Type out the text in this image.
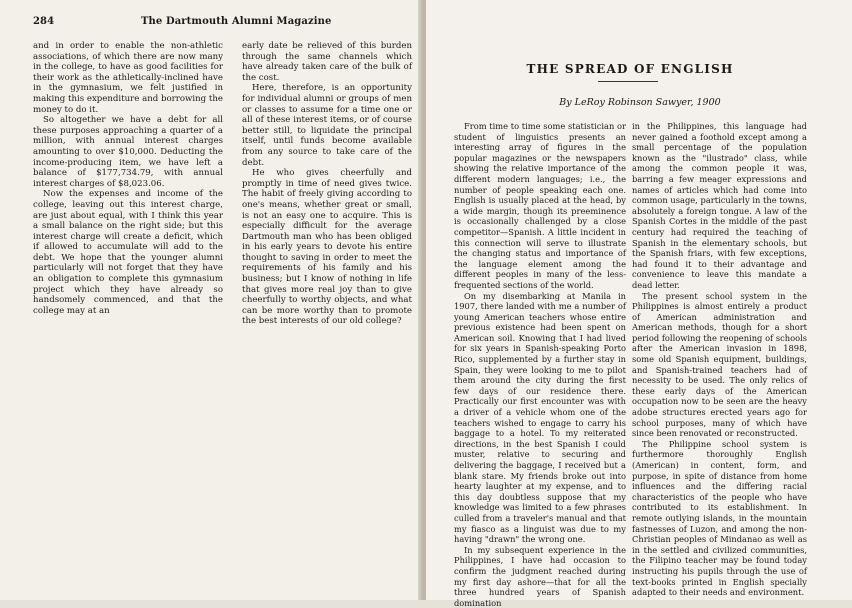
284	The Dartmouth Alumni Magazine

and in order to enable the non-athletic associations, of which there are now many in the college, to have as good facilities for their work as the athletically-inclined have in the gymnasium, we felt justified in making this expenditure and borrowing the money to do it.

So altogether we have a debt for all these purposes approaching a quarter of a million, with annual interest charges amounting to over $10,000. Deducting the income-producing item, we have left a balance of $177,734.79, with annual interest charges of $8,023.06.

Now the expenses and income of the college, leaving out this interest charge, are just about equal, with I think this year a small balance on the right side; but this interest charge will create a deficit, which if allowed to accumulate will add to the debt. We hope that the younger alumni particularly will not forget that they have an obligation to complete this gymnasium project which they have already so handsomely commenced, and that the college may at an

early date be relieved of this burden through the same channels which have already taken care of the bulk of the cost.

Here, therefore, is an opportunity for individual alumni or groups of men or classes to assume for a time one or all of these interest items, or of course better still, to liquidate the principal itself, until funds become available from any source to take care of the debt.

He who gives cheerfully and promptly in time of need gives twice. The habit of freely giving according to one's means, whether great or small, is not an easy one to acquire. This is especially difficult for the average Dartmouth man who has been obliged in his early years to devote his entire thought to saving in order to meet the requirements of his family and his business; but I know of nothing in life that gives more real joy than to give cheerfully to worthy objects, and what can be more worthy than to promote the best interests of our old college?

THE SPREAD OF ENGLISH
By LeRoy Robinson Sawyer, 1900

From time to time some statistician or student of linguistics presents an interesting array of figures in the popular magazines or the newspapers showing the relative importance of the different modern languages; i.e., the number of people speaking each one. English is usually placed at the head, by a wide margin, though its preeminence is occasionally challenged by a close competitor—Spanish. A little incident in this connection will serve to illustrate the changing status and importance of the language element among the different peoples in many of the less-frequented sections of the world.

On my disembarking at Manila in 1907, there landed with me a number of young American teachers whose entire previous existence had been spent on American soil. Knowing that I had lived for six years in Spanish-speaking Porto Rico, supplemented by a further stay in Spain, they were looking to me to pilot them around the city during the first few days of our residence there. Practically our first encounter was with a driver of a vehicle whom one of the teachers wished to engage to carry his baggage to a hotel. To my reiterated directions, in the best Spanish I could muster, relative to securing and delivering the baggage, I received but a blank stare. My friends broke out into hearty laughter at my expense, and to this day doubtless suppose that my knowledge was limited to a few phrases culled from a traveler's manual and that my fiasco as a linguist was due to my having "drawn" the wrong one.

In my subsequent experience in the Philippines, I have had occasion to confirm the judgment reached during my first day ashore—that for all the three hundred years of Spanish domination

in the Philippines, this language had never gained a foothold except among a small percentage of the population known as the "ilustrado" class, while among the common people it was, barring a few meager expressions and names of articles which had come into common usage, particularly in the towns, absolutely a foreign tongue. A law of the Spanish Cortes in the middle of the past century had required the teaching of Spanish in the elementary schools, but the Spanish friars, with few exceptions, had found it to their advantage and convenience to leave this mandate a dead letter.

The present school system in the Philippines is almost entirely a product of American administration and American methods, though for a short period following the reopening of schools after the American invasion in 1898, some old Spanish equipment, buildings, and Spanish-trained teachers had of necessity to be used. The only relics of these early days of the American occupation now to be seen are the heavy adobe structures erected years ago for school purposes, many of which have since been renovated or reconstructed.

The Philippine school system is furthermore thoroughly English (American) in content, form, and purpose, in spite of distance from home influences and the differing racial characteristics of the people who have contributed to its establishment. In remote outlying islands, in the mountain fastnesses of Luzon, and among the non-Christian peoples of Mindanao as well as in the settled and civilized communities, the Filipino teacher may be found today instructing his pupils through the use of text-books printed in English specially adapted to their needs and environment.
